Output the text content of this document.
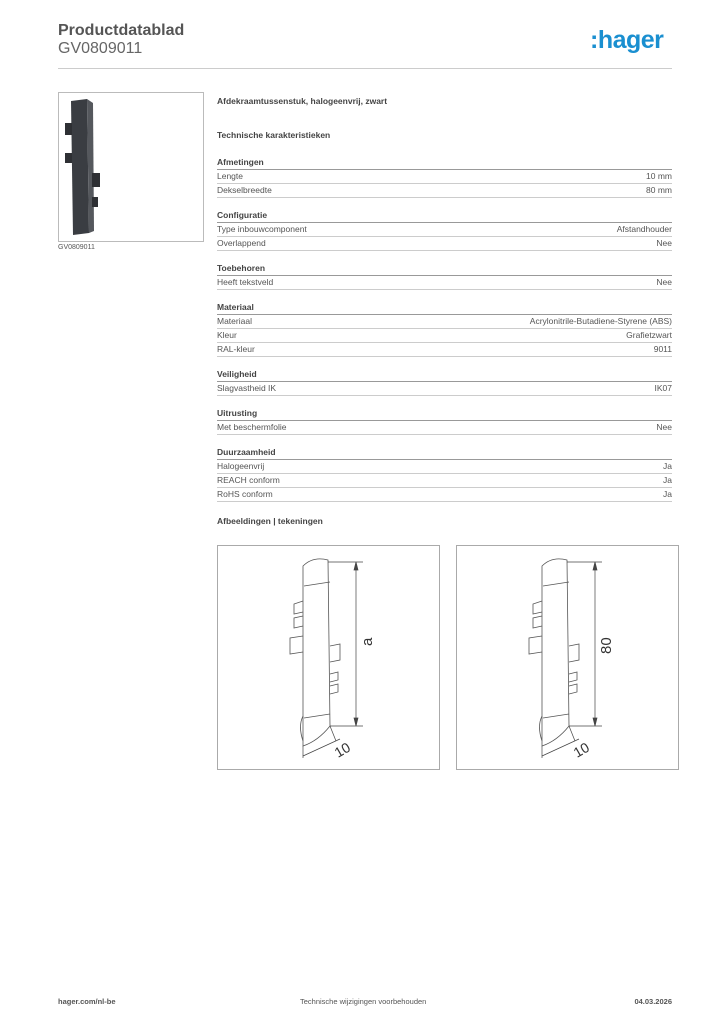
Productdatablad
GV0809011	:hager
GV0809011
Afdekraamtussenstuk, halogeenvrij, zwart
Technische karakteristieken
Afmetingen
Lengte	10 mm
Dekselbreedte	80 mm
Configuratie
Type inbouwcomponent	Afstandhouder
Overlappend	Nee
Toebehoren
Heeft tekstveld	Nee
Materiaal
Materiaal	Acrylonitrile-Butadiene-Styrene (ABS)
Kleur	Grafietzwart
RAL-kleur	9011
Veiligheid
Slagvastheid IK	IK07
Uitrusting
Met beschermfolie	Nee
Duurzaamheid
Halogeenvrij	Ja
REACH conform	Ja
RoHS conform	Ja
Afbeeldingen | tekeningen
a
10
80
10
hager.com/nl-be	Technische wijzigingen voorbehouden	04.03.2026
